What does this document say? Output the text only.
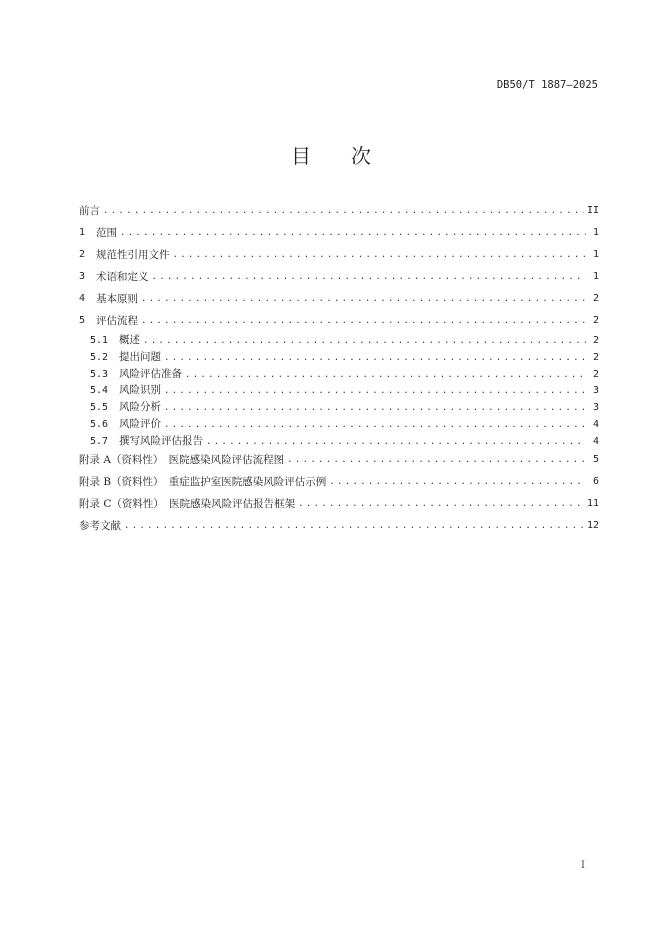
DB50/T 1887—2025
目 次
前言 .....	II
1	范围 .....	1
2	规范性引用文件 .....	1
3	术语和定义 .....	1
4	基本原则 .....	2
5	评估流程 .....	2
5.1	概述 .....	2
5.2	提出问题 .....	2
5.3	风险评估准备 .....	2
5.4	风险识别 .....	3
5.5	风险分析 .....	3
5.6	风险评价 .....	4
5.7	撰写风险评估报告 .....	4
附录 A（资料性）　医院感染风险评估流程图 .....	5
附录 B（资料性）　重症监护室医院感染风险评估示例 .....	6
附录 C（资料性）　医院感染风险评估报告框架 .....	11
参考文献 .....	12
I
